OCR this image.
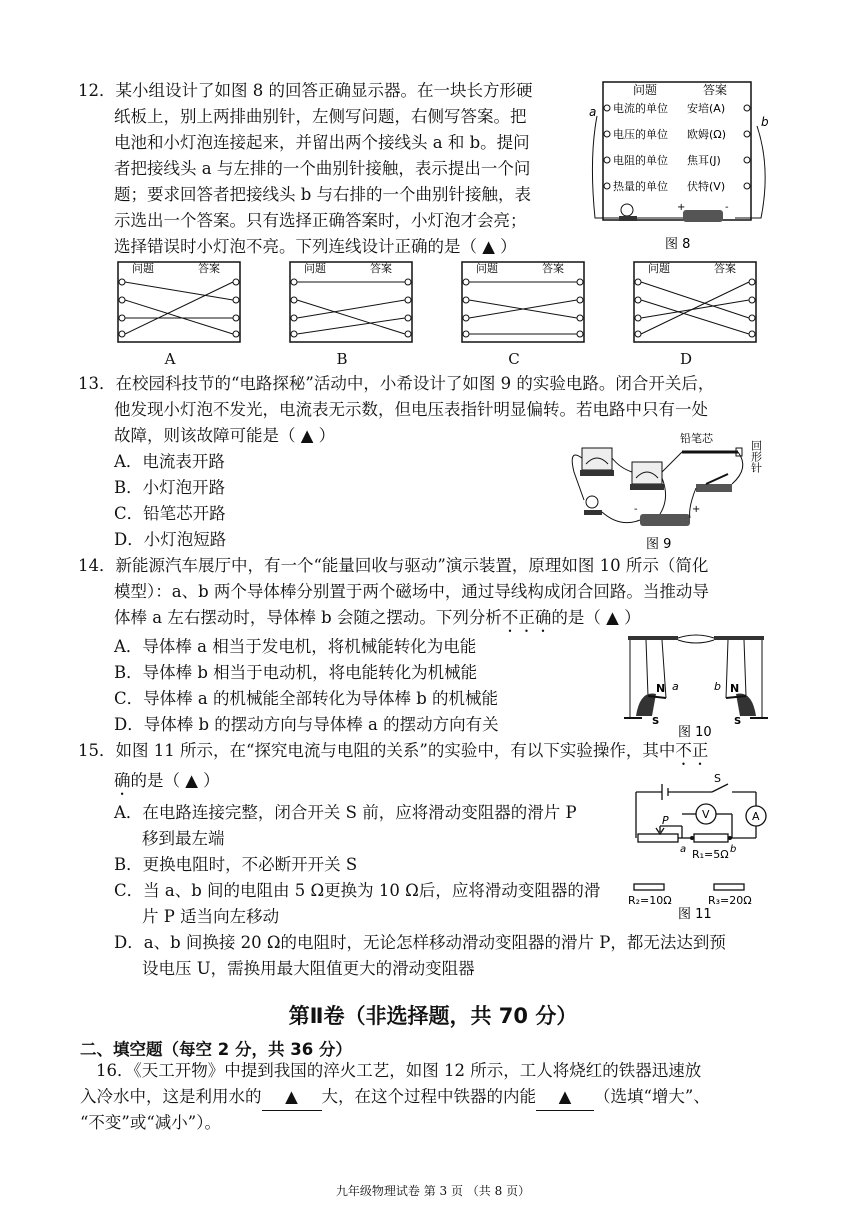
12．某小组设计了如图 8 的回答正确显示器。在一块长方形硬
纸板上，别上两排曲别针，左侧写问题，右侧写答案。把
电池和小灯泡连接起来，并留出两个接线头 a 和 b。提问
者把接线头 a 与左排的一个曲别针接触，表示提出一个问
题；要求回答者把接线头 b 与右排的一个曲别针接触，表
示选出一个答案。只有选择正确答案时，小灯泡才会亮；
选择错误时小灯泡不亮。下列连线设计正确的是（ ▲ ）
问题	答案
电流的单位 安培(A)
电压的单位 欧姆(Ω)
电阻的单位 焦耳(J)
热量的单位 伏特(V)
a
b
+	-
图 8
问题	答案	问题	答案	问题	答案	问题	答案
A	B	C	D
13．在校园科技节的“电路探秘”活动中，小希设计了如图 9 的实验电路。闭合开关后，
他发现小灯泡不发光，电流表无示数，但电压表指针明显偏转。若电路中只有一处
故障，则该故障可能是（ ▲ ）
A．电流表开路
B．小灯泡开路
C．铅笔芯开路
D．小灯泡短路
铅笔芯
回形针
-	+
图 9
14．新能源汽车展厅中，有一个“能量回收与驱动”演示装置，原理如图 10 所示（简化
模型）：a、b 两个导体棒分别置于两个磁场中，通过导线构成闭合回路。当推动导
体棒 a 左右摆动时，导体棒 b 会随之摆动。下列分析不正确的是（ ▲ ）
A．导体棒 a 相当于发电机，将机械能转化为电能
B．导体棒 b 相当于电动机，将电能转化为机械能
C．导体棒 a 的机械能全部转化为导体棒 b 的机械能
D．导体棒 b 的摆动方向与导体棒 a 的摆动方向有关
N	N
S	S
a	b
图 10
15．如图 11 所示，在“探究电流与电阻的关系”的实验中，有以下实验操作，其中不正
确的是（ ▲ ）
A．在电路连接完整，闭合开关 S 前，应将滑动变阻器的滑片 P
移到最左端
B．更换电阻时，不必断开开关 S
C．当 a、b 间的电阻由 5 Ω更换为 10 Ω后，应将滑动变阻器的滑
片 P 适当向左移动
D．a、b 间换接 20 Ω的电阻时，无论怎样移动滑动变阻器的滑片 P，都无法达到预
设电压 U，需换用最大阻值更大的滑动变阻器
S
V	A
P
a	b
R₁=5Ω
R₂=10Ω	R₃=20Ω
图 11
第Ⅱ卷（非选择题，共 70 分）
二、填空题（每空 2 分，共 36 分）
16．《天工开物》中提到我国的淬火工艺，如图 12 所示，工人将烧红的铁器迅速放
入冷水中，这是利用水的 ▲ 大，在这个过程中铁器的内能 ▲ （选填“增大”、
“不变”或“减小”）。
九年级物理试卷 第 3 页 （共 8 页）
